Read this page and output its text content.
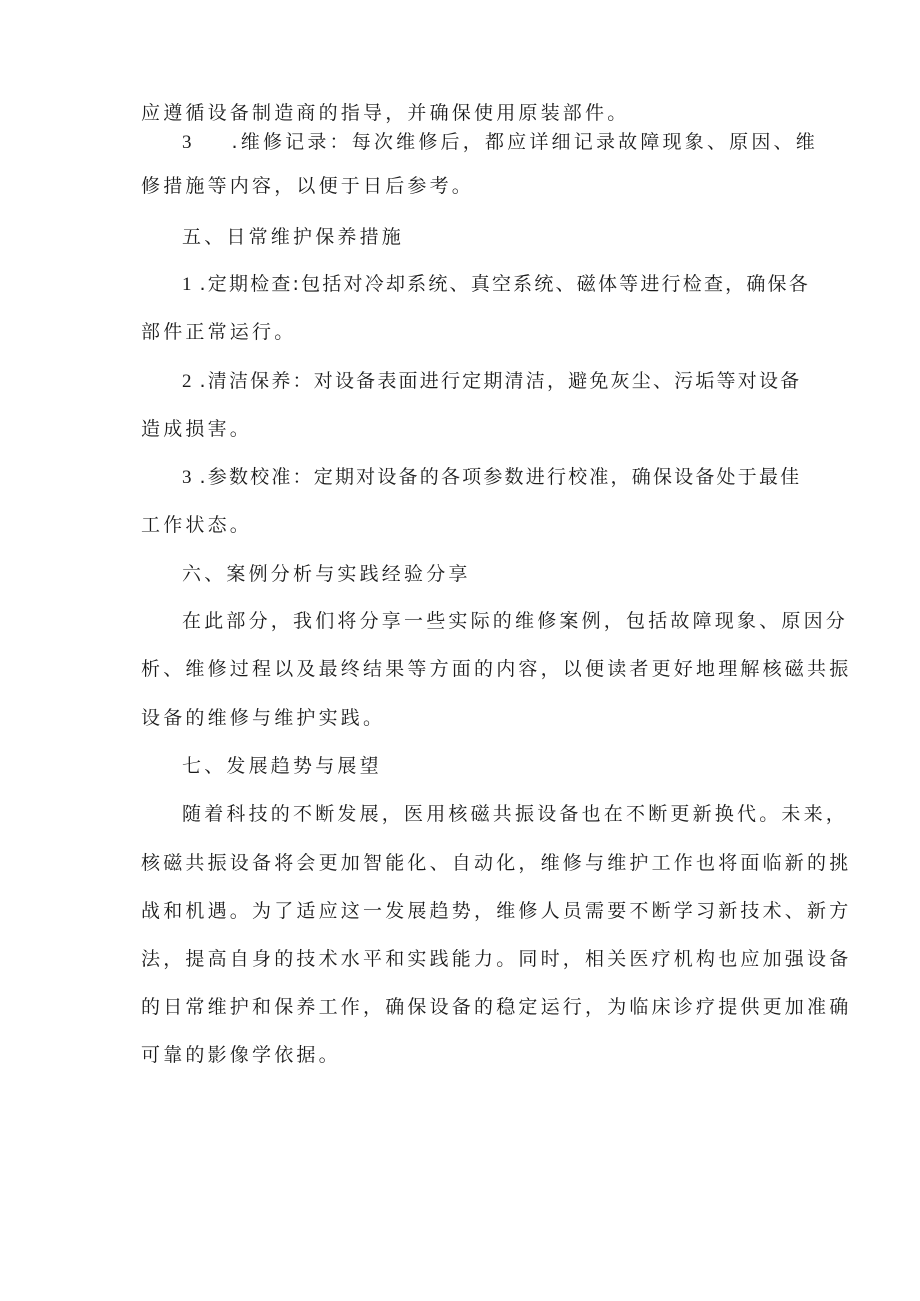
应遵循设备制造商的指导，并确保使用原装部件。
3 .维修记录：每次维修后，都应详细记录故障现象、原因、维
修措施等内容，以便于日后参考。
五、日常维护保养措施
1 .定期检查:包括对冷却系统、真空系统、磁体等进行检查，确保各
部件正常运行。
2 .清洁保养：对设备表面进行定期清洁，避免灰尘、污垢等对设备
造成损害。
3 .参数校准：定期对设备的各项参数进行校准，确保设备处于最佳
工作状态。
六、案例分析与实践经验分享
在此部分，我们将分享一些实际的维修案例，包括故障现象、原因分
析、维修过程以及最终结果等方面的内容，以便读者更好地理解核磁共振
设备的维修与维护实践。
七、发展趋势与展望
随着科技的不断发展，医用核磁共振设备也在不断更新换代。未来，
核磁共振设备将会更加智能化、自动化，维修与维护工作也将面临新的挑
战和机遇。为了适应这一发展趋势，维修人员需要不断学习新技术、新方
法，提高自身的技术水平和实践能力。同时，相关医疗机构也应加强设备
的日常维护和保养工作，确保设备的稳定运行，为临床诊疗提供更加准确
可靠的影像学依据。
